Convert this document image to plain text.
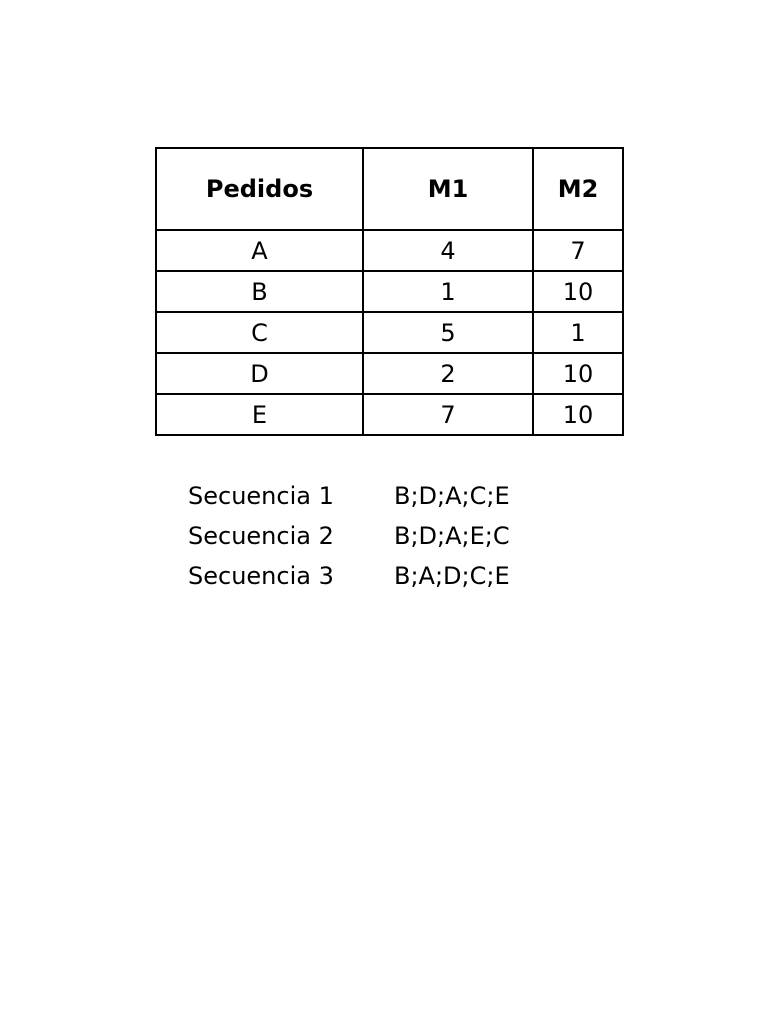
Pedidos	M1	M2
A	4	7
B	1	10
C	5	1
D	2	10
E	7	10
Secuencia 1	B;D;A;C;E
Secuencia 2	B;D;A;E;C
Secuencia 3	B;A;D;C;E
